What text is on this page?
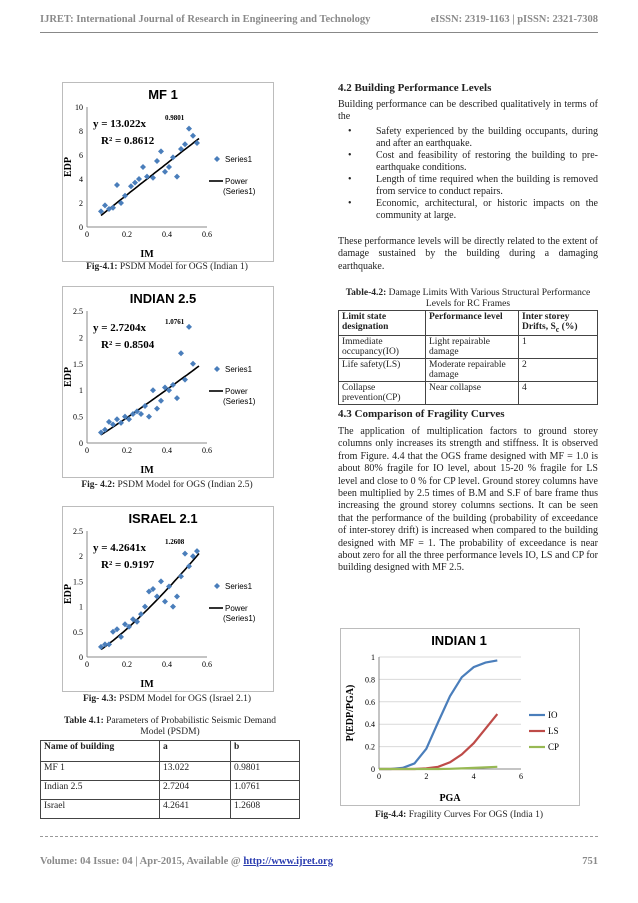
IJRET: International Journal of Research in Engineering and Technology	eISSN: 2319-1163 | pISSN: 2321-7308
MF 1
0
2
4
6
8
10
0	0.2	0.4	0.6
IM
EDP
y = 13.022x	0.9801
R² = 0.8612
Series1
Power
(Series1)
Fig-4.1: PSDM Model for OGS (Indian 1)
INDIAN 2.5
0
0.5
1
1.5
2
2.5
0	0.2	0.4	0.6
IM
EDP
y = 2.7204x	1.0761
R² = 0.8504
Series1
Power
(Series1)
Fig- 4.2: PSDM Model for OGS (Indian 2.5)
ISRAEL 2.1
0
0.5
1
1.5
2
2.5
0	0.2	0.4	0.6
IM
EDP
y = 4.2641x	1.2608
R² = 0.9197
Series1
Power
(Series1)
Fig- 4.3: PSDM Model for OGS (Israel 2.1)
Table 4.1: Parameters of Probabilistic Seismic Demand Model (PSDM)
Name of building	a	b
MF 1	13.022	0.9801
Indian 2.5	2.7204	1.0761
Israel	4.2641	1.2608
4.2 Building Performance Levels
Building performance can be described qualitatively in terms of the
• Safety experienced by the building occupants, during and after an earthquake.
• Cost and feasibility of restoring the building to pre-earthquake conditions.
• Length of time required when the building is removed from service to conduct repairs.
• Economic, architectural, or historic impacts on the community at large.
These performance levels will be directly related to the extent of damage sustained by the building during a damaging earthquake.
Table-4.2: Damage Limits With Various Structural Performance Levels for RC Frames
Limit state designation	Performance level	Inter storey Drifts, $S_c$ (%)
Immediate occupancy(IO)	Light repairable damage	1
Life safety(LS)	Moderate repairable damage	2
Collapse prevention(CP)	Near collapse	4
4.3 Comparison of Fragility Curves
The application of multiplication factors to ground storey columns only increases its strength and stiffness. It is observed from Figure. 4.4 that the OGS frame designed with MF = 1.0 is about 80% fragile for IO level, about 15-20 % fragile for LS level and close to 0 % for CP level. Ground storey columns have been multiplied by 2.5 times of B.M and S.F of bare frame thus increasing the ground storey columns sections. It can be seen that the performance of the building (probability of exceedance of inter-storey drift) is increased when compared to the building designed with MF = 1. The probability of exceedance is near about zero for all the three performance levels IO, LS and CP for building designed with MF 2.5.
INDIAN 1
0
0.2
0.4
0.6
0.8
1
0	2	4	6
PGA
P(EDP/PGA)	IO
LS
CP
Fig-4.4: Fragility Curves For OGS (India 1)
Volume: 04 Issue: 04 | Apr-2015, Available @ http://www.ijret.org	751
